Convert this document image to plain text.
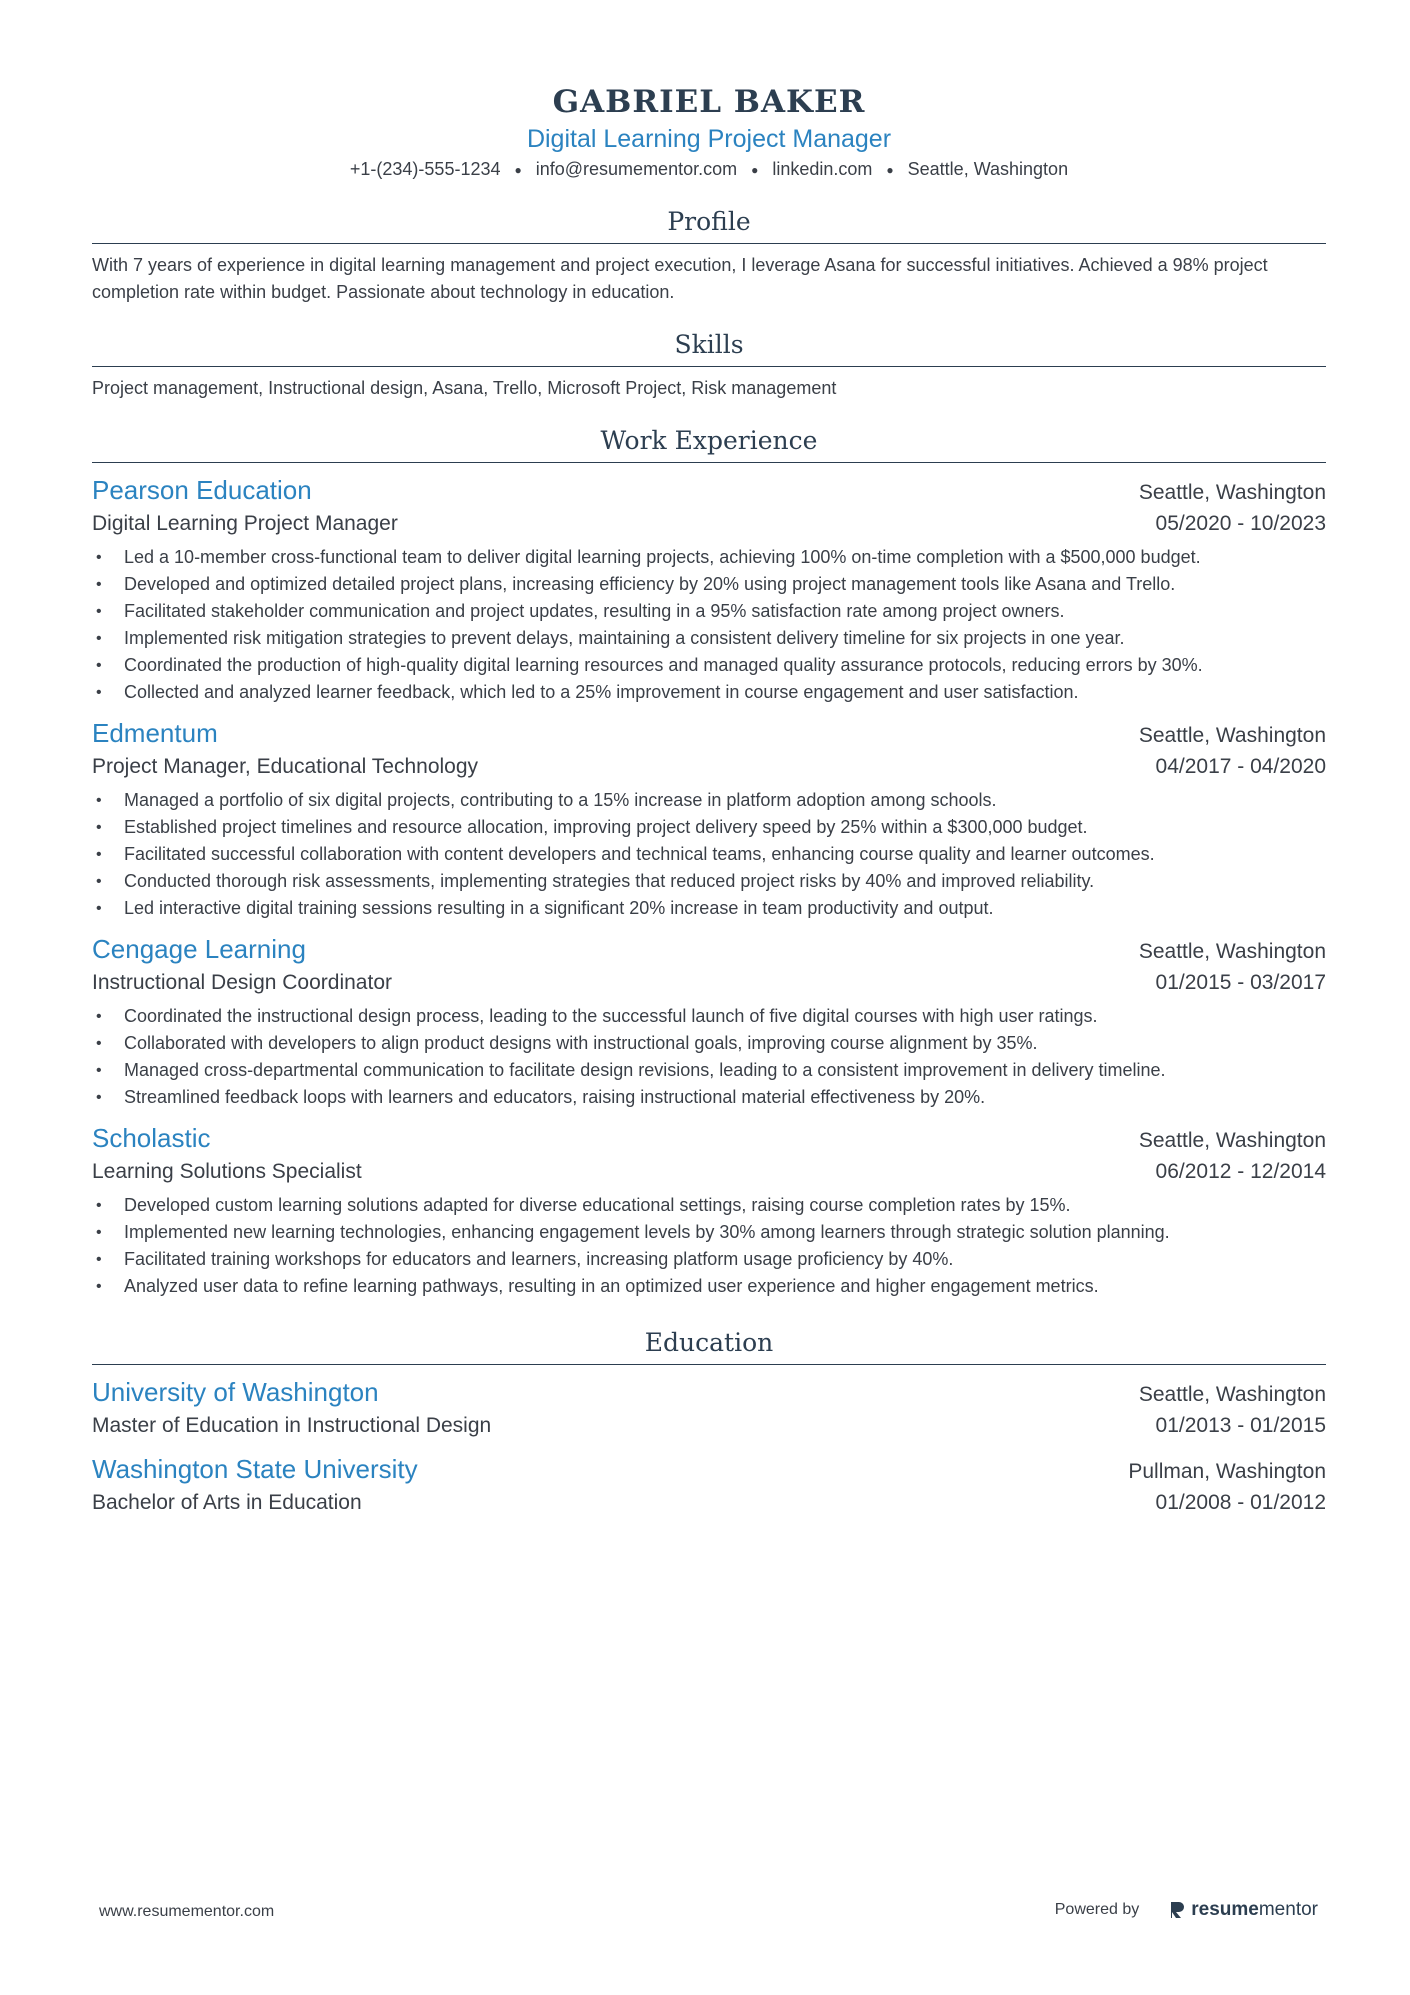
GABRIEL BAKER
Digital Learning Project Manager
+1-(234)-555-1234 ● info@resumementor.com ● linkedin.com ● Seattle, Washington
Profile
With 7 years of experience in digital learning management and project execution, I leverage Asana for successful initiatives. Achieved a 98% project completion rate within budget. Passionate about technology in education.
Skills
Project management, Instructional design, Asana, Trello, Microsoft Project, Risk management
Work Experience
Pearson Education	Seattle, Washington
Digital Learning Project Manager	05/2020 - 10/2023
• Led a 10-member cross-functional team to deliver digital learning projects, achieving 100% on-time completion with a $500,000 budget.
• Developed and optimized detailed project plans, increasing efficiency by 20% using project management tools like Asana and Trello.
• Facilitated stakeholder communication and project updates, resulting in a 95% satisfaction rate among project owners.
• Implemented risk mitigation strategies to prevent delays, maintaining a consistent delivery timeline for six projects in one year.
• Coordinated the production of high-quality digital learning resources and managed quality assurance protocols, reducing errors by 30%.
• Collected and analyzed learner feedback, which led to a 25% improvement in course engagement and user satisfaction.
Edmentum	Seattle, Washington
Project Manager, Educational Technology	04/2017 - 04/2020
• Managed a portfolio of six digital projects, contributing to a 15% increase in platform adoption among schools.
• Established project timelines and resource allocation, improving project delivery speed by 25% within a $300,000 budget.
• Facilitated successful collaboration with content developers and technical teams, enhancing course quality and learner outcomes.
• Conducted thorough risk assessments, implementing strategies that reduced project risks by 40% and improved reliability.
• Led interactive digital training sessions resulting in a significant 20% increase in team productivity and output.
Cengage Learning	Seattle, Washington
Instructional Design Coordinator	01/2015 - 03/2017
• Coordinated the instructional design process, leading to the successful launch of five digital courses with high user ratings.
• Collaborated with developers to align product designs with instructional goals, improving course alignment by 35%.
• Managed cross-departmental communication to facilitate design revisions, leading to a consistent improvement in delivery timeline.
• Streamlined feedback loops with learners and educators, raising instructional material effectiveness by 20%.
Scholastic	Seattle, Washington
Learning Solutions Specialist	06/2012 - 12/2014
• Developed custom learning solutions adapted for diverse educational settings, raising course completion rates by 15%.
• Implemented new learning technologies, enhancing engagement levels by 30% among learners through strategic solution planning.
• Facilitated training workshops for educators and learners, increasing platform usage proficiency by 40%.
• Analyzed user data to refine learning pathways, resulting in an optimized user experience and higher engagement metrics.
Education
University of Washington	Seattle, Washington
Master of Education in Instructional Design	01/2013 - 01/2015
Washington State University	Pullman, Washington
Bachelor of Arts in Education	01/2008 - 01/2012
www.resumementor.com	Powered by	resume mentor
